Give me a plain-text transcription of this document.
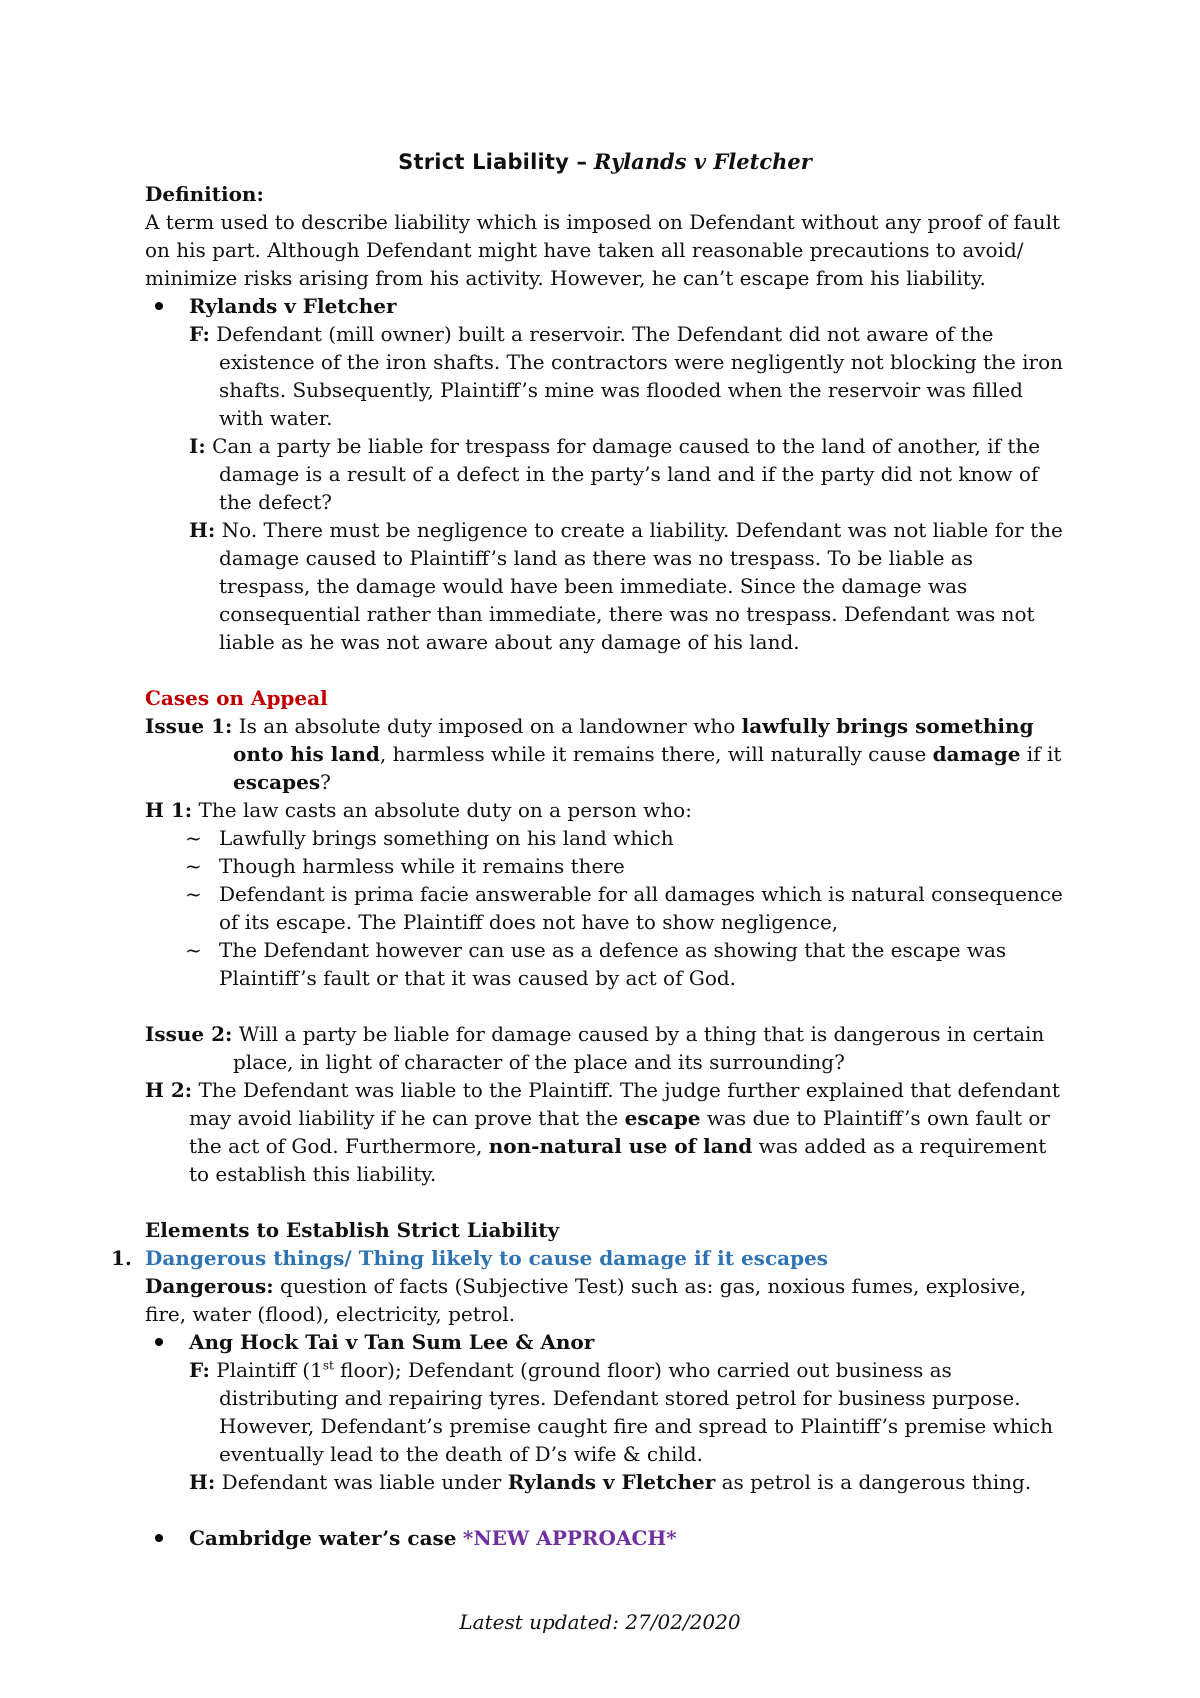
Strict Liability – Rylands v Fletcher

Definition:

A term used to describe liability which is imposed on Defendant without any proof of fault on his part. Although Defendant might have taken all reasonable precautions to avoid/ minimize risks arising from his activity. However, he can’t escape from his liability.

Rylands v Fletcher

F: Defendant (mill owner) built a reservoir. The Defendant did not aware of the existence of the iron shafts. The contractors were negligently not blocking the iron shafts. Subsequently, Plaintiff’s mine was flooded when the reservoir was filled with water.

I: Can a party be liable for trespass for damage caused to the land of another, if the damage is a result of a defect in the party’s land and if the party did not know of the defect?

H: No. There must be negligence to create a liability. Defendant was not liable for the damage caused to Plaintiff’s land as there was no trespass. To be liable as trespass, the damage would have been immediate. Since the damage was consequential rather than immediate, there was no trespass. Defendant was not liable as he was not aware about any damage of his land.

Cases on Appeal

Issue 1: Is an absolute duty imposed on a landowner who lawfully brings something onto his land, harmless while it remains there, will naturally cause damage if it escapes?

H 1: The law casts an absolute duty on a person who:

~ Lawfully brings something on his land which

~ Though harmless while it remains there

~ Defendant is prima facie answerable for all damages which is natural consequence of its escape. The Plaintiff does not have to show negligence,

~ The Defendant however can use as a defence as showing that the escape was Plaintiff’s fault or that it was caused by act of God.

Issue 2: Will a party be liable for damage caused by a thing that is dangerous in certain place, in light of character of the place and its surrounding?

H 2: The Defendant was liable to the Plaintiff. The judge further explained that defendant may avoid liability if he can prove that the escape was due to Plaintiff’s own fault or the act of God. Furthermore, non-natural use of land was added as a requirement to establish this liability.

Elements to Establish Strict Liability

1. Dangerous things/ Thing likely to cause damage if it escapes

Dangerous: question of facts (Subjective Test) such as: gas, noxious fumes, explosive, fire, water (flood), electricity, petrol.

Ang Hock Tai v Tan Sum Lee & Anor

F: Plaintiff (1st floor); Defendant (ground floor) who carried out business as distributing and repairing tyres. Defendant stored petrol for business purpose. However, Defendant’s premise caught fire and spread to Plaintiff’s premise which eventually lead to the death of D’s wife & child.

H: Defendant was liable under Rylands v Fletcher as petrol is a dangerous thing.

Cambridge water’s case *NEW APPROACH*

Latest updated: 27/02/2020
